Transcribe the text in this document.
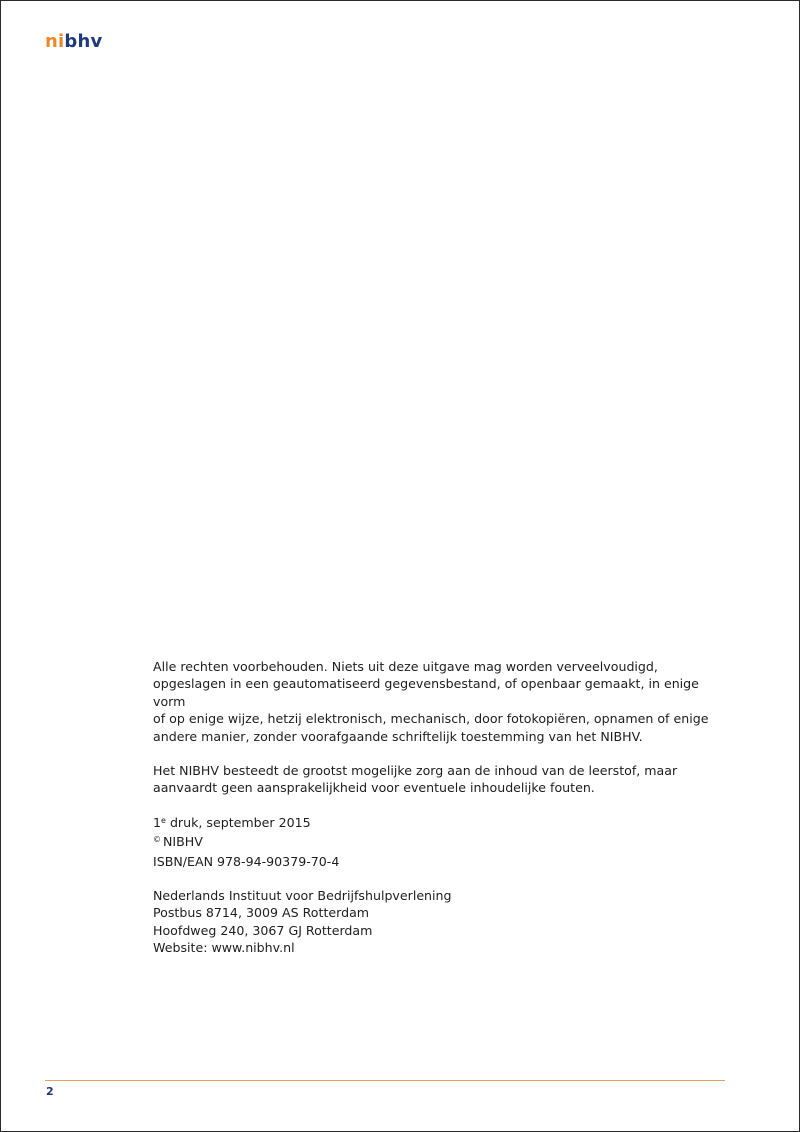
nibhv

Alle rechten voorbehouden. Niets uit deze uitgave mag worden verveelvoudigd,
opgeslagen in een geautomatiseerd gegevensbestand, of openbaar gemaakt, in enige vorm
of op enige wijze, hetzij elektronisch, mechanisch, door fotokopiëren, opnamen of enige
andere manier, zonder voorafgaande schriftelijk toestemming van het NIBHV.

Het NIBHV besteedt de grootst mogelijke zorg aan de inhoud van de leerstof, maar
aanvaardt geen aansprakelijkheid voor eventuele inhoudelijke fouten.

1e druk, september 2015
© NIBHV
ISBN/EAN 978-94-90379-70-4

Nederlands Instituut voor Bedrijfshulpverlening
Postbus 8714, 3009 AS Rotterdam
Hoofdweg 240, 3067 GJ Rotterdam
Website: www.nibhv.nl

2
